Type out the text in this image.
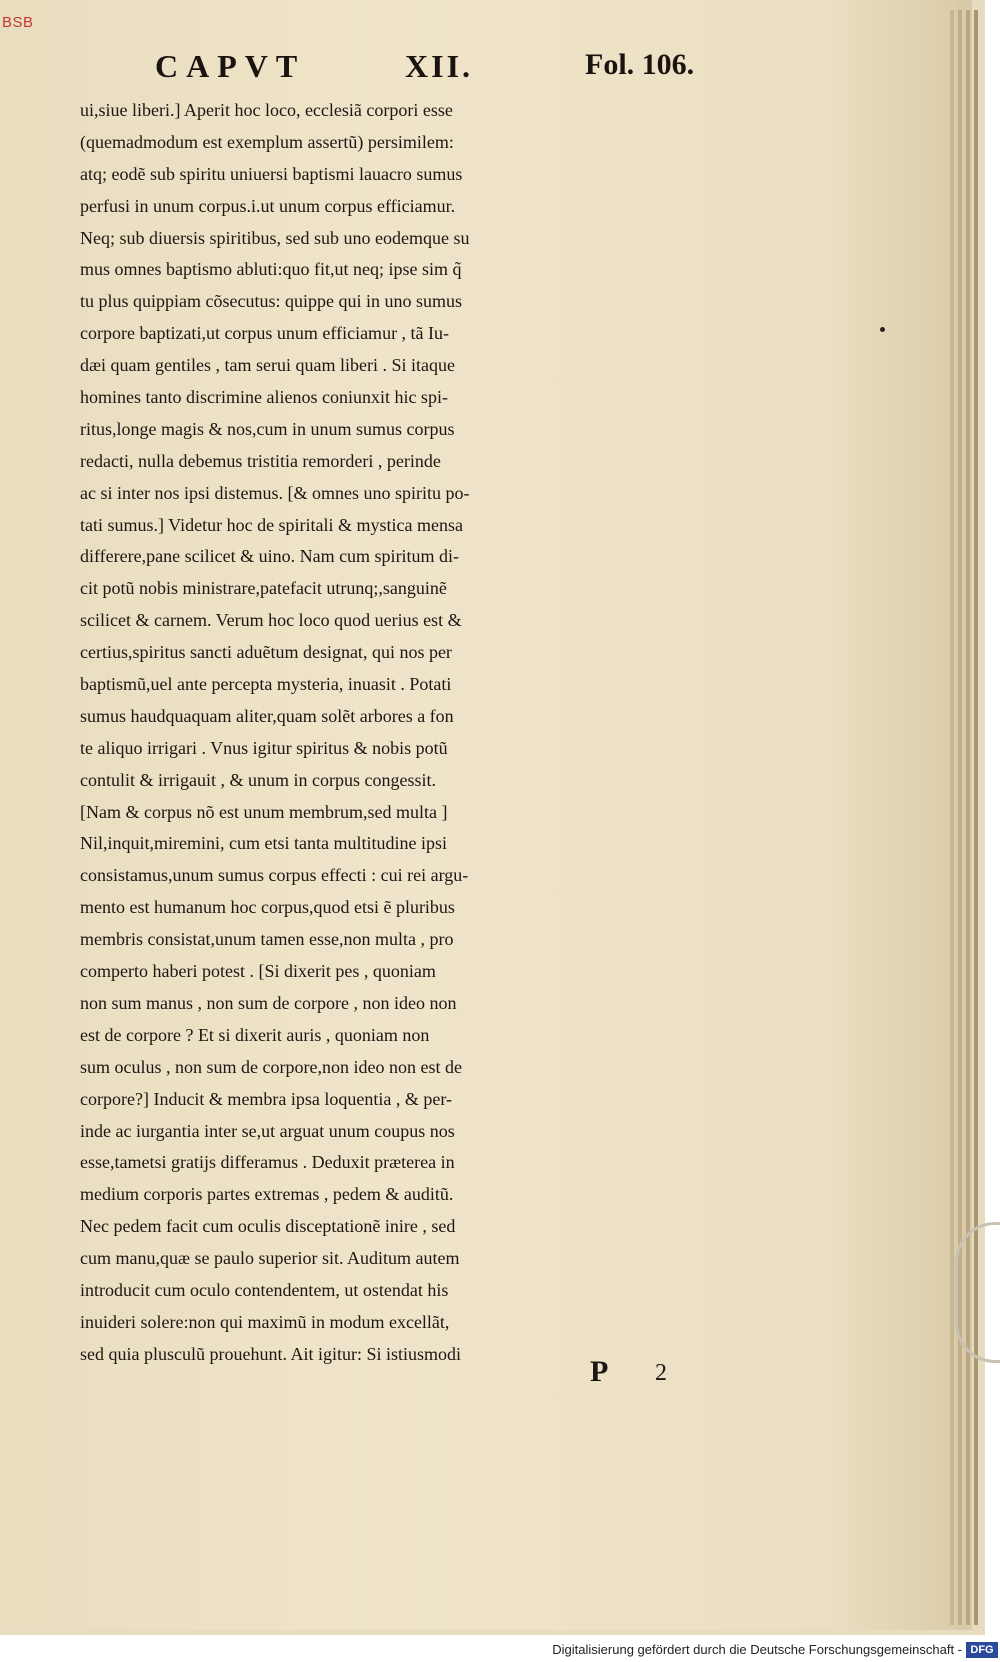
BSB
CAPVT	XII.	Fol. 106.
ui,siue liberi.] Aperit hoc loco, ecclesiã corpori esse
(quemadmodum est exemplum assertũ) persimilem:
atq; eodẽ sub spiritu uniuersi baptismi lauacro sumus
perfusi in unum corpus.i.ut unum corpus efficiamur.
Neq; sub diuersis spiritibus, sed sub uno eodemque su
mus omnes baptismo abluti:quo fit,ut neq; ipse sim q̃
tu plus quippiam cõsecutus: quippe qui in uno sumus
corpore baptizati,ut corpus unum efficiamur , tã Iu-
dæi quam gentiles , tam serui quam liberi . Si itaque
homines tanto discrimine alienos coniunxit hic spi-
ritus,longe magis & nos,cum in unum sumus corpus
redacti, nulla debemus tristitia remorderi , perinde
ac si inter nos ipsi distemus. [& omnes uno spiritu po-
tati sumus.] Videtur hoc de spiritali & mystica mensa
differere,pane scilicet & uino. Nam cum spiritum di-
cit potũ nobis ministrare,patefacit utrunq;,sanguinẽ
scilicet & carnem. Verum hoc loco quod uerius est &
certius,spiritus sancti aduẽtum designat, qui nos per
baptismũ,uel ante percepta mysteria, inuasit . Potati
sumus haudquaquam aliter,quam solẽt arbores a fon
te aliquo irrigari . Vnus igitur spiritus & nobis potũ
contulit & irrigauit , & unum in corpus congessit.
[Nam & corpus nõ est unum membrum,sed multa ]
Nil,inquit,miremini, cum etsi tanta multitudine ipsi
consistamus,unum sumus corpus effecti : cui rei argu-
mento est humanum hoc corpus,quod etsi ẽ pluribus
membris consistat,unum tamen esse,non multa , pro
comperto haberi potest . [Si dixerit pes , quoniam
non sum manus , non sum de corpore , non ideo non
est de corpore ? Et si dixerit auris , quoniam non
sum oculus , non sum de corpore,non ideo non est de
corpore?] Inducit & membra ipsa loquentia , & per-
inde ac iurgantia inter se,ut arguat unum coupus nos
esse,tametsi gratijs differamus . Deduxit præterea in
medium corporis partes extremas , pedem & auditũ.
Nec pedem facit cum oculis disceptationẽ inire , sed
cum manu,quæ se paulo superior sit. Auditum autem
introducit cum oculo contendentem, ut ostendat his
inuideri solere:non qui maximũ in modum excellãt,
sed quia plusculũ prouehunt. Ait igitur: Si istiusmodi
P 2
Digitalisierung gefördert durch die Deutsche Forschungsgemeinschaft - DFG
